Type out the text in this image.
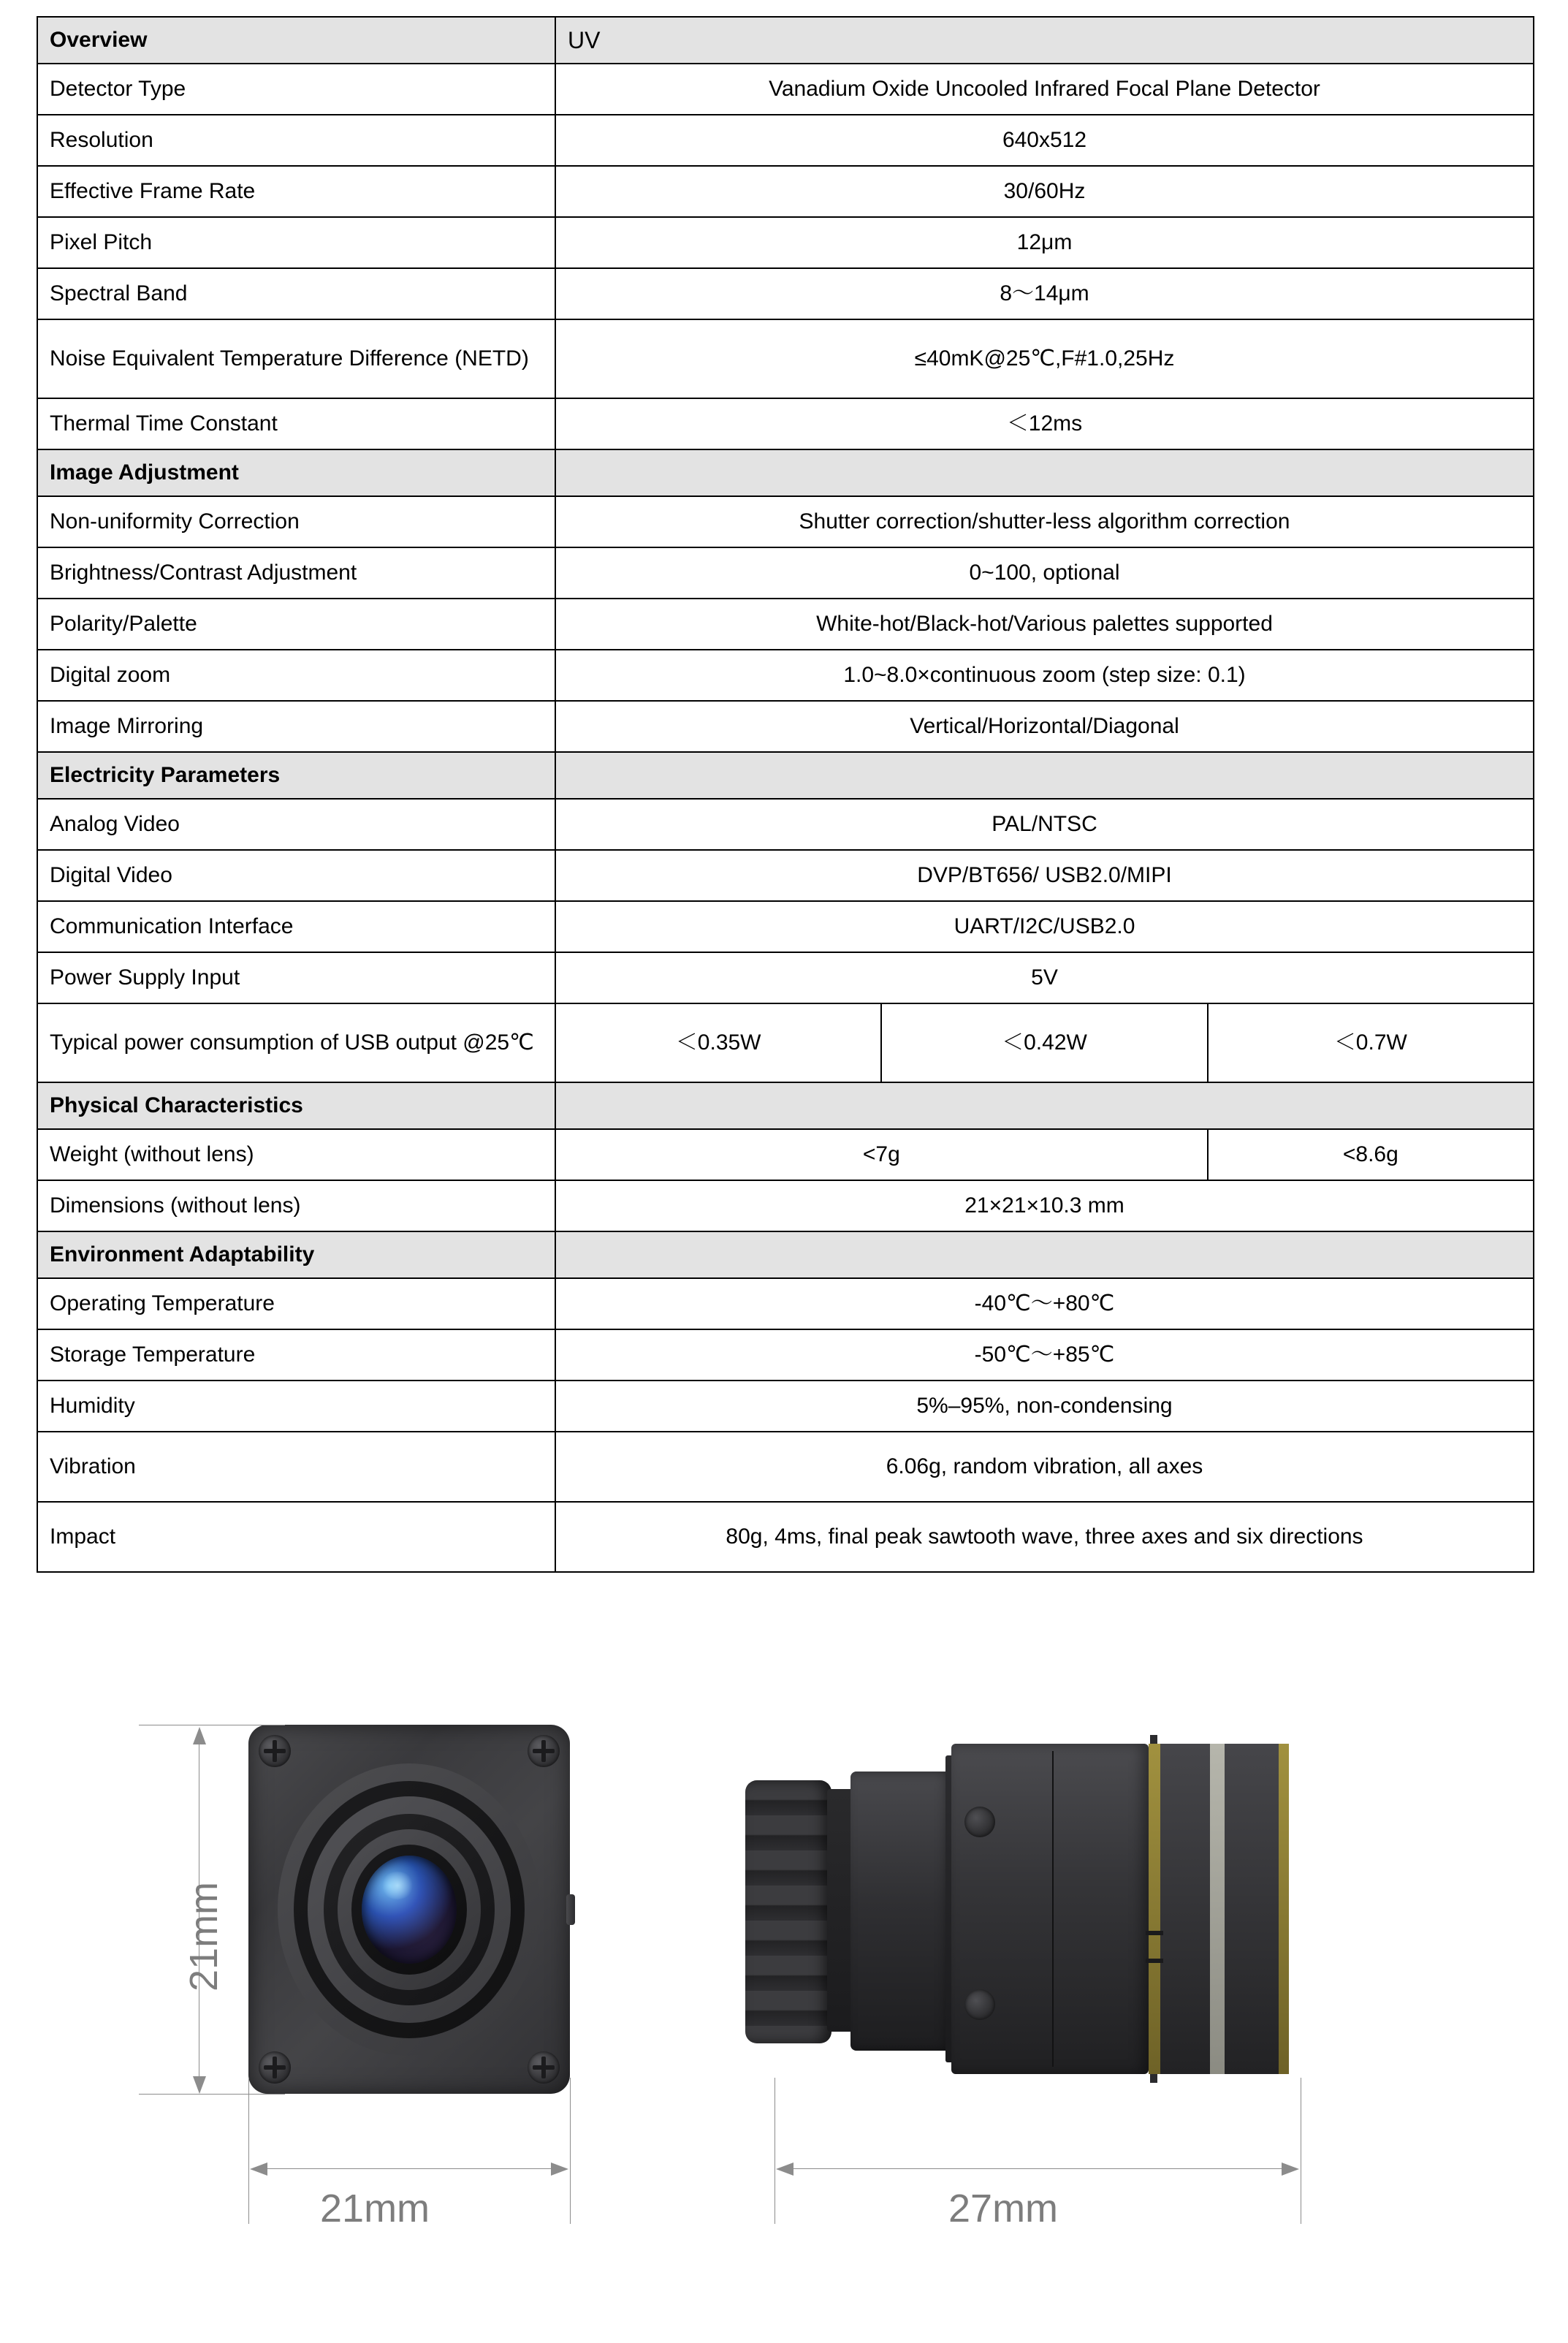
Overview	UV		
Detector Type	Vanadium Oxide Uncooled Infrared Focal Plane Detector		
Resolution	640x512		
Effective Frame Rate	30/60Hz		
Pixel Pitch	12μm		
Spectral Band	8～14μm		
Noise Equivalent Temperature Difference (NETD)	≤40mK@25℃,F#1.0,25Hz		
Thermal Time Constant	＜12ms		
Image Adjustment			
Non-uniformity Correction	Shutter correction/shutter-less algorithm correction		
Brightness/Contrast Adjustment	0~100, optional		
Polarity/Palette	White-hot/Black-hot/Various palettes supported		
Digital zoom	1.0~8.0×continuous zoom (step size: 0.1)		
Image Mirroring	Vertical/Horizontal/Diagonal		
Electricity Parameters			
Analog Video	PAL/NTSC		
Digital Video	DVP/BT656/ USB2.0/MIPI		
Communication Interface	UART/I2C/USB2.0		
Power Supply Input	5V		
Typical power consumption of USB output @25℃	＜0.35W	＜0.42W	＜0.7W
Physical Characteristics			
Weight (without lens)	<7g		<8.6g
Dimensions (without lens)	21×21×10.3 mm		
Environment Adaptability			
Operating Temperature	-40℃～+80℃		
Storage Temperature	-50℃～+85℃		
Humidity	5%–95%, non-condensing		
Vibration	6.06g, random vibration, all axes		
Impact	80g, 4ms, final peak sawtooth wave, three axes and six directions		
21mm
21mm	27mm
